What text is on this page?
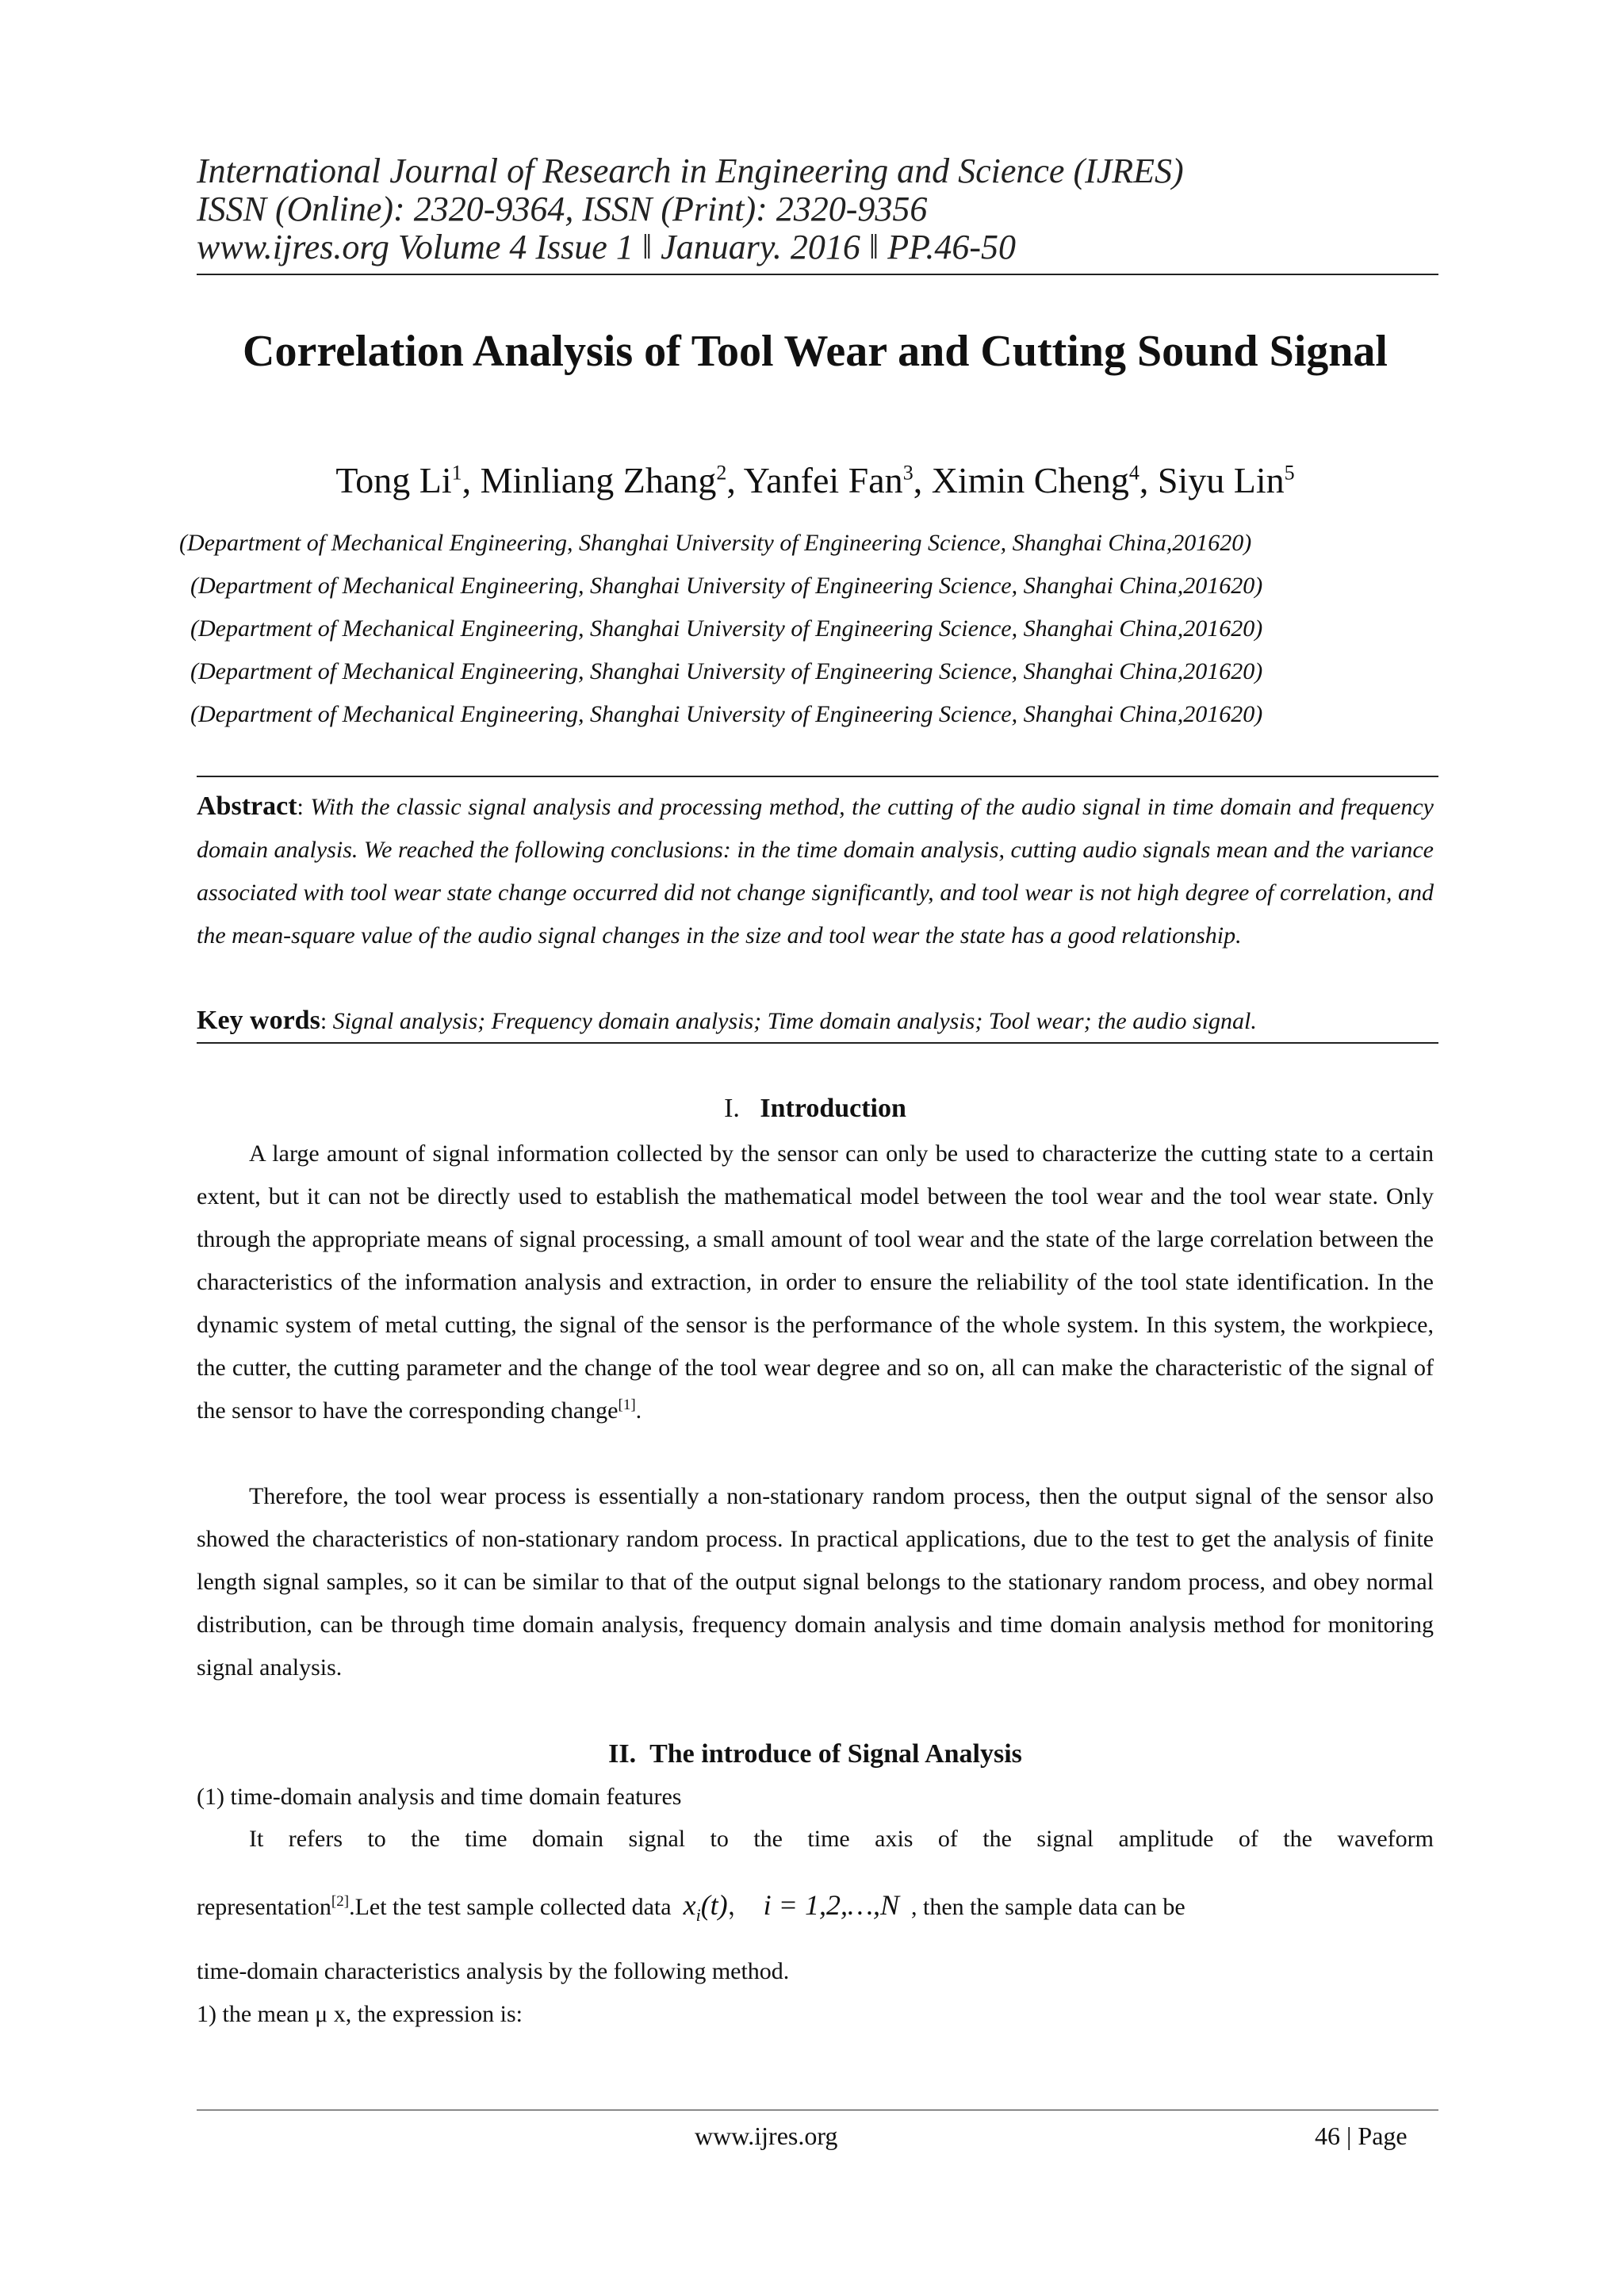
International Journal of Research in Engineering and Science (IJRES)
ISSN (Online): 2320-9364, ISSN (Print): 2320-9356
www.ijres.org Volume 4 Issue 1 ǁ January. 2016 ǁ PP.46-50
Correlation Analysis of Tool Wear and Cutting Sound Signal
Tong Li$^1$, Minliang Zhang$^2$, Yanfei Fan$^3$, Ximin Cheng$^4$, Siyu Lin$^5$
(Department of Mechanical Engineering, Shanghai University of Engineering Science, Shanghai China,201620)
(Department of Mechanical Engineering, Shanghai University of Engineering Science, Shanghai China,201620)
(Department of Mechanical Engineering, Shanghai University of Engineering Science, Shanghai China,201620)
(Department of Mechanical Engineering, Shanghai University of Engineering Science, Shanghai China,201620)
(Department of Mechanical Engineering, Shanghai University of Engineering Science, Shanghai China,201620)
Abstract: With the classic signal analysis and processing method, the cutting of the audio signal in time domain and frequency domain analysis. We reached the following conclusions: in the time domain analysis, cutting audio signals mean and the variance associated with tool wear state change occurred did not change significantly, and tool wear is not high degree of correlation, and the mean-square value of the audio signal changes in the size and tool wear the state has a good relationship.
Key words: Signal analysis; Frequency domain analysis; Time domain analysis; Tool wear; the audio signal.
I. Introduction
A large amount of signal information collected by the sensor can only be used to characterize the cutting state to a certain extent, but it can not be directly used to establish the mathematical model between the tool wear and the tool wear state. Only through the appropriate means of signal processing, a small amount of tool wear and the state of the large correlation between the characteristics of the information analysis and extraction, in order to ensure the reliability of the tool state identification. In the dynamic system of metal cutting, the signal of the sensor is the performance of the whole system. In this system, the workpiece, the cutter, the cutting parameter and the change of the tool wear degree and so on, all can make the characteristic of the signal of the sensor to have the corresponding change[1].
Therefore, the tool wear process is essentially a non-stationary random process, then the output signal of the sensor also showed the characteristics of non-stationary random process. In practical applications, due to the test to get the analysis of finite length signal samples, so it can be similar to that of the output signal belongs to the stationary random process, and obey normal distribution, can be through time domain analysis, frequency domain analysis and time domain analysis method for monitoring signal analysis.
II. The introduce of Signal Analysis
(1) time-domain analysis and time domain features
It refers to the time domain signal to the time axis of the signal amplitude of the waveform
representation[2].Let the test sample collected data $x_i(t)$， i = 1,2,…,N , then the sample data can be
time-domain characteristics analysis by the following method.
1) the mean μ x, the expression is:
www.ijres.org	46 | Page
